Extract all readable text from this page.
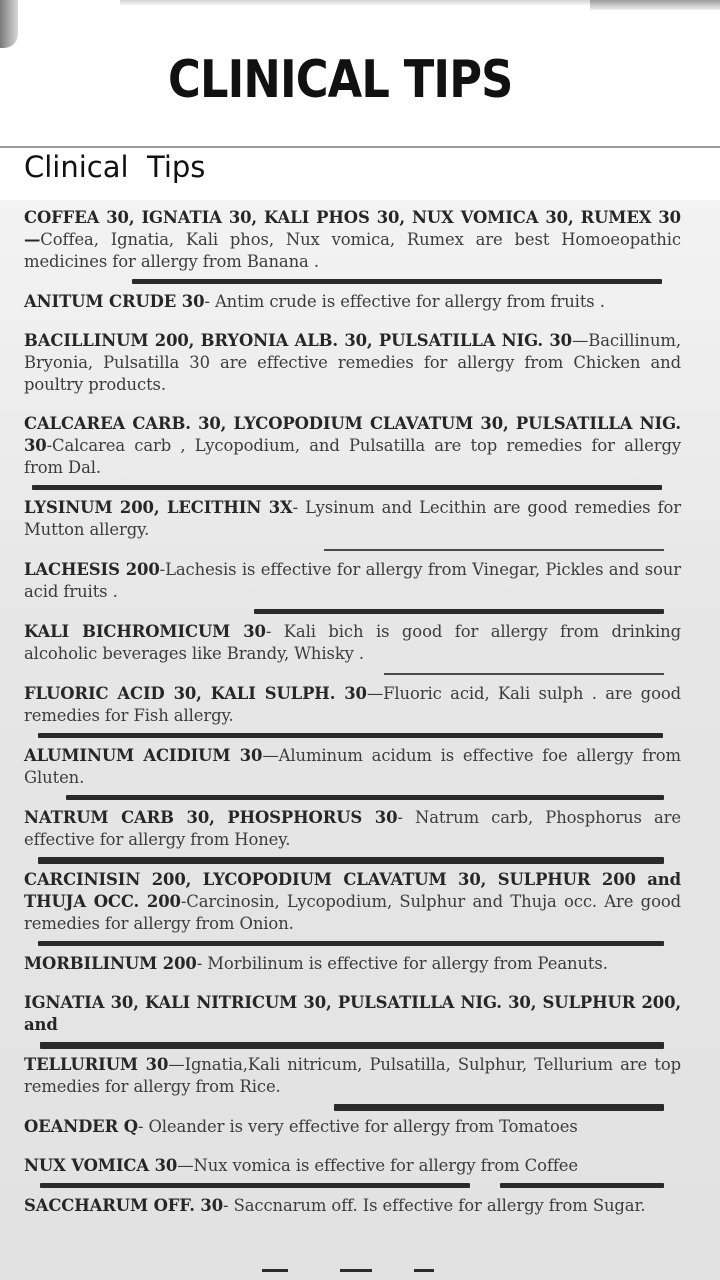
CLINICAL TIPS
Clinical  Tips

COFFEA 30, IGNATIA 30, KALI PHOS 30, NUX VOMICA 30, RUMEX 30—Coffea, Ignatia, Kali phos, Nux vomica, Rumex are best Homoeopathic medicines for allergy from Banana .

ANITUM CRUDE 30- Antim crude is effective for allergy from fruits .

BACILLINUM 200, BRYONIA ALB. 30, PULSATILLA NIG. 30—Bacillinum, Bryonia, Pulsatilla 30 are effective remedies for allergy from Chicken and poultry products.

CALCAREA CARB. 30, LYCOPODIUM CLAVATUM 30, PULSATILLA NIG. 30-Calcarea carb , Lycopodium, and Pulsatilla are top remedies for allergy from Dal.

LYSINUM 200, LECITHIN 3X- Lysinum and Lecithin are good remedies for Mutton allergy.

LACHESIS 200-Lachesis is effective for allergy from Vinegar, Pickles and sour acid fruits .

KALI BICHROMICUM 30- Kali bich is good for allergy from drinking alcoholic beverages like Brandy, Whisky .

FLUORIC ACID 30, KALI SULPH. 30—Fluoric acid, Kali sulph . are good remedies for Fish allergy.

ALUMINUM ACIDIUM 30—Aluminum acidum is effective foe allergy from Gluten.

NATRUM CARB 30, PHOSPHORUS 30- Natrum carb, Phosphorus are effective for allergy from Honey.

CARCINISIN 200, LYCOPODIUM CLAVATUM 30, SULPHUR 200 and THUJA OCC. 200-Carcinosin, Lycopodium, Sulphur and Thuja occ. Are good remedies for allergy from Onion.

MORBILINUM 200- Morbilinum is effective for allergy from Peanuts.

IGNATIA 30, KALI NITRICUM 30, PULSATILLA NIG. 30, SULPHUR 200, and

TELLURIUM 30—Ignatia,Kali nitricum, Pulsatilla, Sulphur, Tellurium are top remedies for allergy from Rice.

OEANDER Q- Oleander is very effective for allergy from Tomatoes

NUX VOMICA 30—Nux vomica is effective for allergy from Coffee

SACCHARUM OFF. 30- Saccnarum off. Is effective for allergy from Sugar.
